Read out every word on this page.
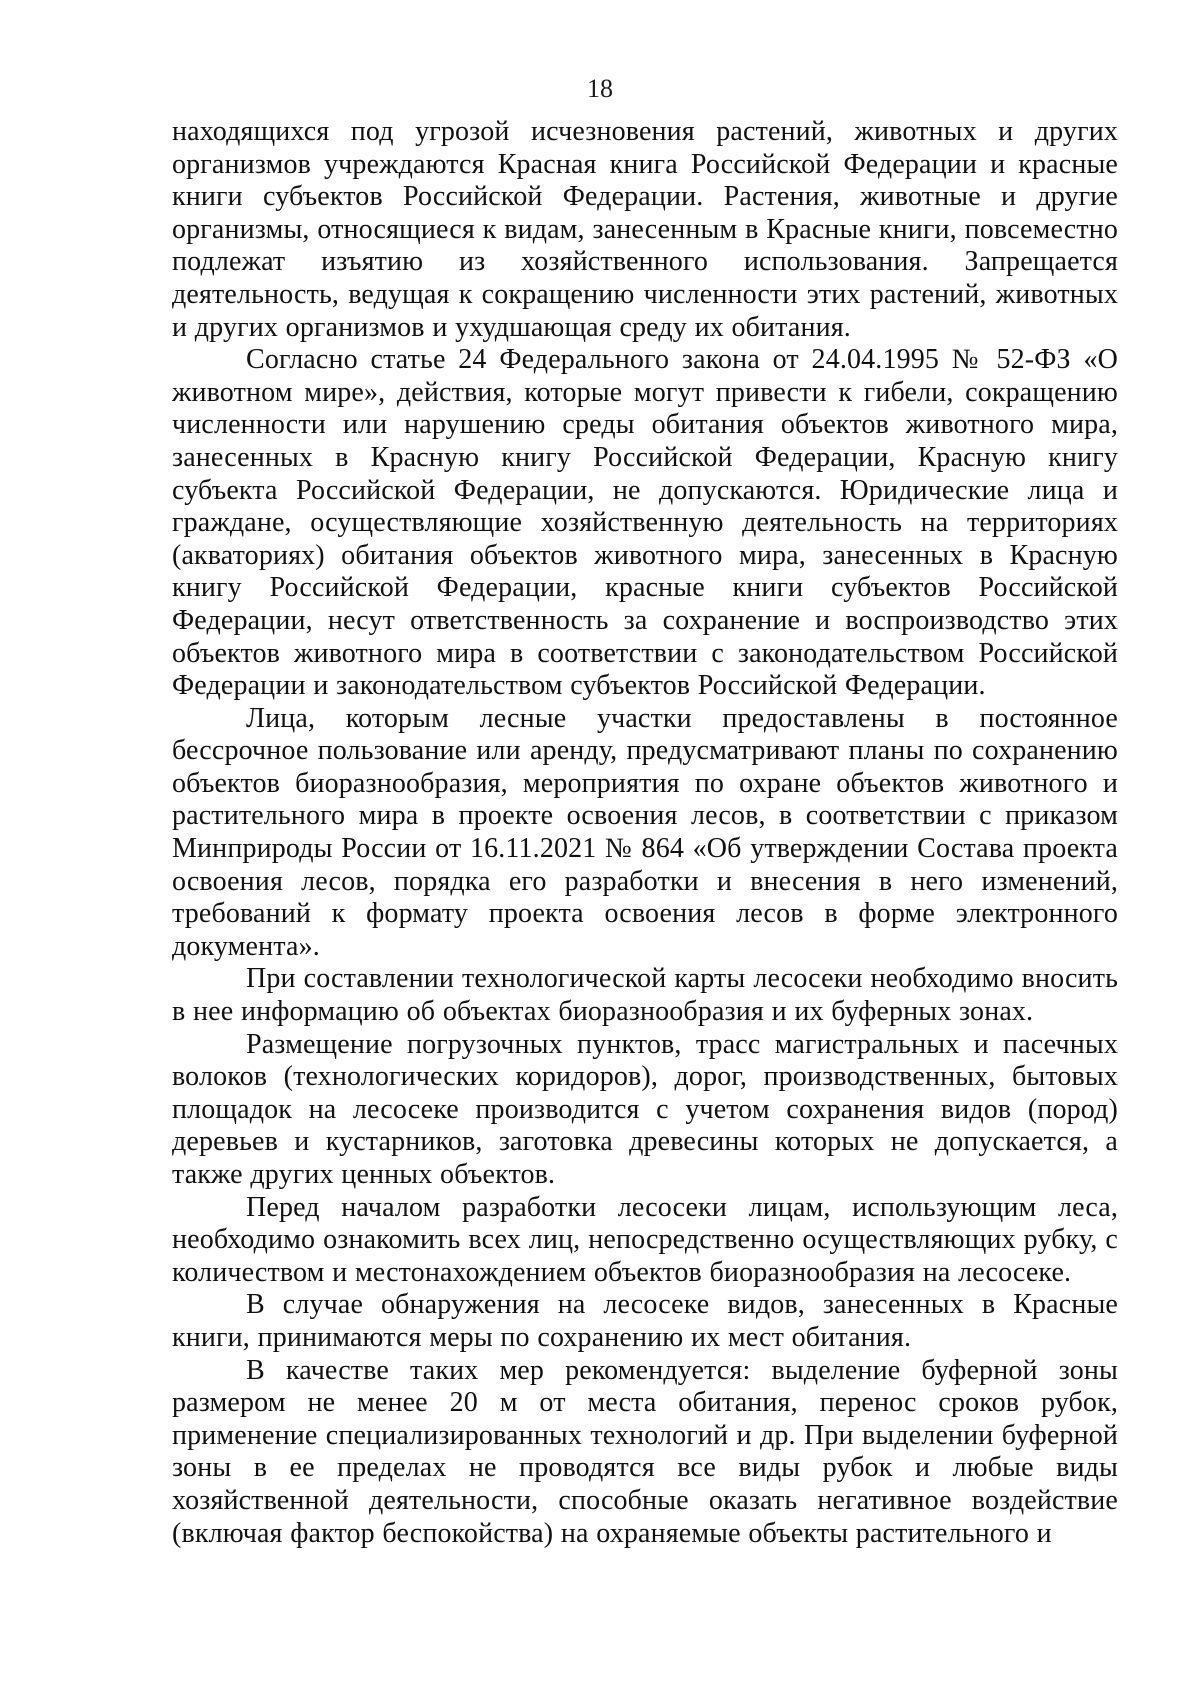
18

находящихся под угрозой исчезновения растений, животных и других организмов учреждаются Красная книга Российской Федерации и красные книги субъектов Российской Федерации. Растения, животные и другие организмы, относящиеся к видам, занесенным в Красные книги, повсеместно подлежат изъятию из хозяйственного использования. Запрещается деятельность, ведущая к сокращению численности этих растений, животных и других организмов и ухудшающая среду их обитания.

Согласно статье 24 Федерального закона от 24.04.1995 № 52-ФЗ «О животном мире», действия, которые могут привести к гибели, сокращению численности или нарушению среды обитания объектов животного мира, занесенных в Красную книгу Российской Федерации, Красную книгу субъекта Российской Федерации, не допускаются. Юридические лица и граждане, осуществляющие хозяйственную деятельность на территориях (акваториях) обитания объектов животного мира, занесенных в Красную книгу Российской Федерации, красные книги субъектов Российской Федерации, несут ответственность за сохранение и воспроизводство этих объектов животного мира в соответствии с законодательством Российской Федерации и законодательством субъектов Российской Федерации.

Лица, которым лесные участки предоставлены в постоянное бессрочное пользование или аренду, предусматривают планы по сохранению объектов биоразнообразия, мероприятия по охране объектов животного и растительного мира в проекте освоения лесов, в соответствии с приказом Минприроды России от 16.11.2021 № 864 «Об утверждении Состава проекта освоения лесов, порядка его разработки и внесения в него изменений, требований к формату проекта освоения лесов в форме электронного документа».

При составлении технологической карты лесосеки необходимо вносить в нее информацию об объектах биоразнообразия и их буферных зонах.

Размещение погрузочных пунктов, трасс магистральных и пасечных волоков (технологических коридоров), дорог, производственных, бытовых площадок на лесосеке производится с учетом сохранения видов (пород) деревьев и кустарников, заготовка древесины которых не допускается, а также других ценных объектов.

Перед началом разработки лесосеки лицам, использующим леса, необходимо ознакомить всех лиц, непосредственно осуществляющих рубку, с количеством и местонахождением объектов биоразнообразия на лесосеке.

В случае обнаружения на лесосеке видов, занесенных в Красные книги, принимаются меры по сохранению их мест обитания.

В качестве таких мер рекомендуется: выделение буферной зоны размером не менее 20 м от места обитания, перенос сроков рубок, применение специализированных технологий и др. При выделении буферной зоны в ее пределах не проводятся все виды рубок и любые виды хозяйственной деятельности, способные оказать негативное воздействие (включая фактор беспокойства) на охраняемые объекты растительного и
